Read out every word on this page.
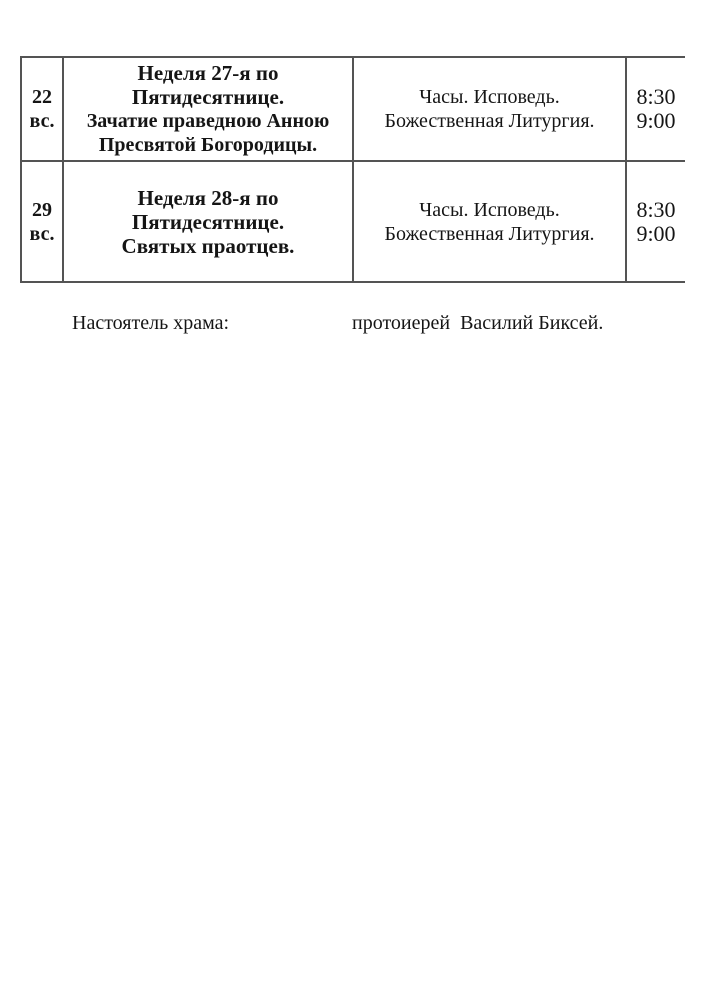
22
вс.
Неделя 27-я по
Пятидесятнице.
Зачатие праведною Анною
Пресвятой Богородицы.
Часы. Исповедь.
Божественная Литургия.
8:30
9:00
29
вс.
Неделя 28-я по
Пятидесятнице.
Святых праотцев.
Часы. Исповедь.
Божественная Литургия.
8:30
9:00
Настоятель храма:	протоиерей  Василий Биксей.
